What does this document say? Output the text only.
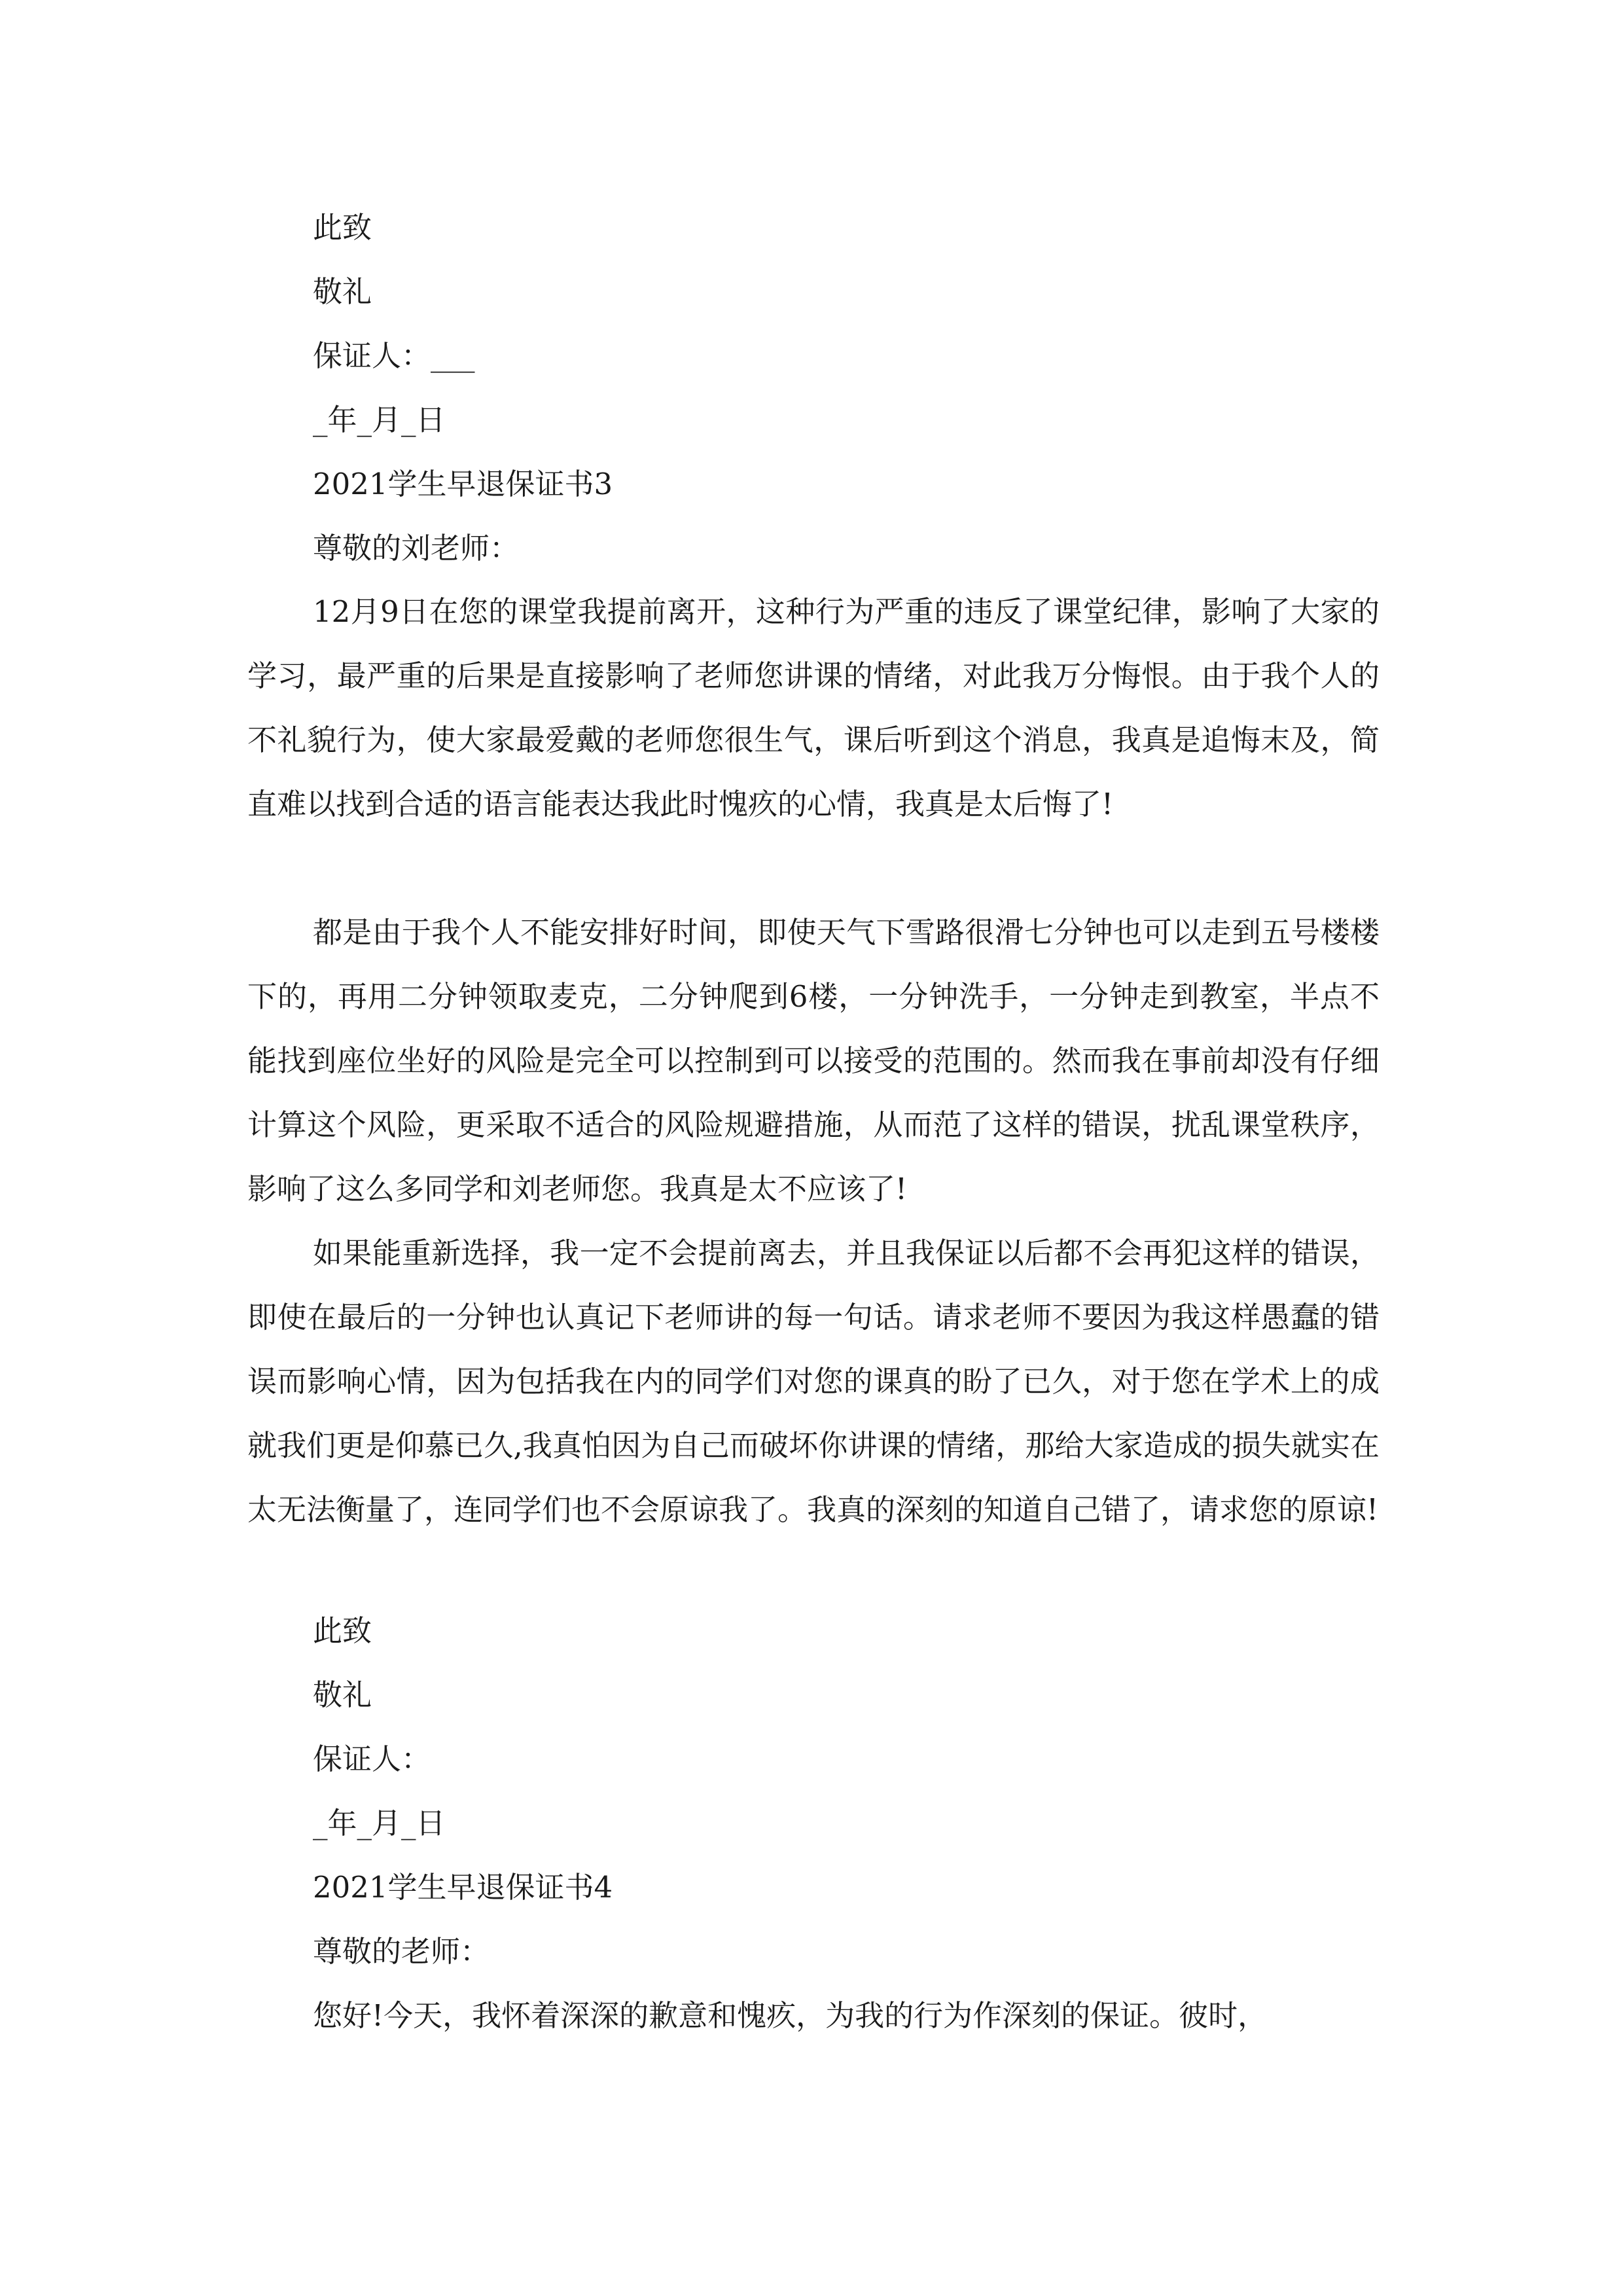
此致
敬礼
保证人：___
_年_月_日
2021学生早退保证书3
尊敬的刘老师：

12月9日在您的课堂我提前离开，这种行为严重的违反了课堂纪律，影响了大家的学习，最严重的后果是直接影响了老师您讲课的情绪，对此我万分悔恨。由于我个人的不礼貌行为，使大家最爱戴的老师您很生气，课后听到这个消息，我真是追悔末及，简直难以找到合适的语言能表达我此时愧疚的心情，我真是太后悔了!

都是由于我个人不能安排好时间，即使天气下雪路很滑七分钟也可以走到五号楼楼下的，再用二分钟领取麦克，二分钟爬到6楼，一分钟洗手，一分钟走到教室，半点不能找到座位坐好的风险是完全可以控制到可以接受的范围的。然而我在事前却没有仔细计算这个风险，更采取不适合的风险规避措施，从而范了这样的错误，扰乱课堂秩序，影响了这么多同学和刘老师您。我真是太不应该了!

如果能重新选择，我一定不会提前离去，并且我保证以后都不会再犯这样的错误，即使在最后的一分钟也认真记下老师讲的每一句话。请求老师不要因为我这样愚蠢的错误而影响心情，因为包括我在内的同学们对您的课真的盼了已久，对于您在学术上的成就我们更是仰慕已久,我真怕因为自己而破坏你讲课的情绪，那给大家造成的损失就实在太无法衡量了，连同学们也不会原谅我了。我真的深刻的知道自己错了，请求您的原谅!

此致
敬礼
保证人：
_年_月_日
2021学生早退保证书4
尊敬的老师：

您好!今天，我怀着深深的歉意和愧疚，为我的行为作深刻的保证。彼时，
